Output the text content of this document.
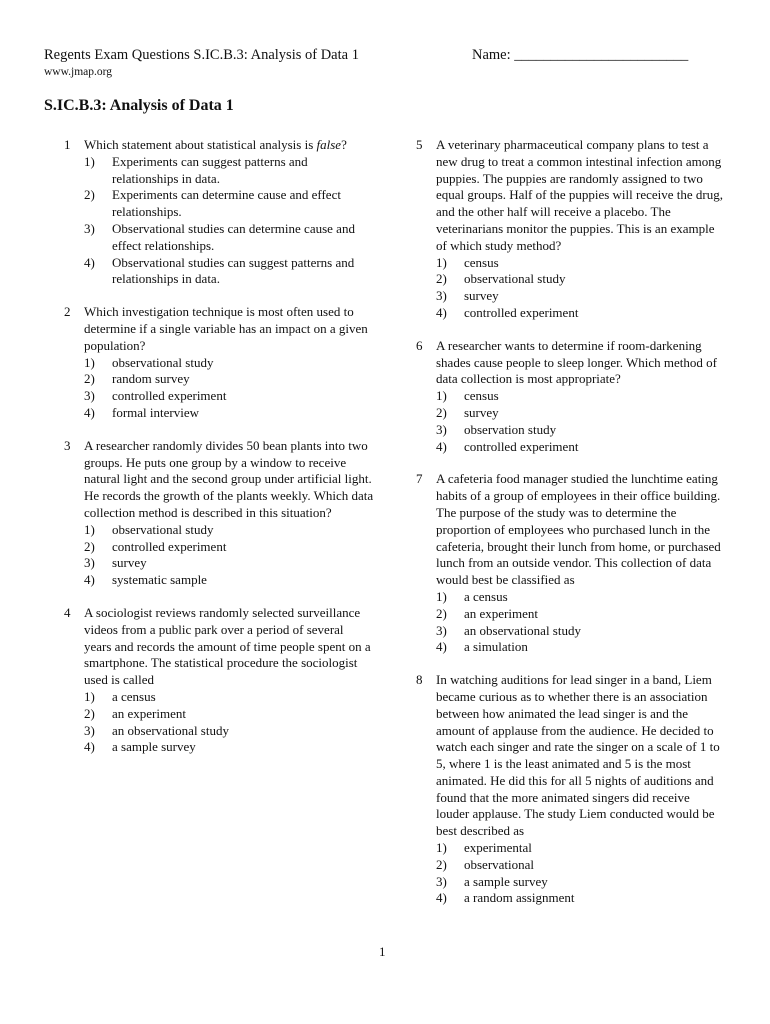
Regents Exam Questions S.IC.B.3: Analysis of Data 1
www.jmap.org
Name: ________________________
S.IC.B.3: Analysis of Data 1
1	Which statement about statistical analysis is false?

1)	Experiments can suggest patterns and relationships in data.
2)	Experiments can determine cause and effect relationships.
3)	Observational studies can determine cause and effect relationships.
4)	Observational studies can suggest patterns and relationships in data.
2	Which investigation technique is most often used to determine if a single variable has an impact on a given population?

1)	observational study
2)	random survey
3)	controlled experiment
4)	formal interview
3	A researcher randomly divides 50 bean plants into two groups. He puts one group by a window to receive natural light and the second group under artificial light. He records the growth of the plants weekly. Which data collection method is described in this situation?

1)	observational study
2)	controlled experiment
3)	survey
4)	systematic sample
4	A sociologist reviews randomly selected surveillance videos from a public park over a period of several years and records the amount of time people spent on a smartphone. The statistical procedure the sociologist used is called

1)	a census
2)	an experiment
3)	an observational study
4)	a sample survey
5	A veterinary pharmaceutical company plans to test a new drug to treat a common intestinal infection among puppies. The puppies are randomly assigned to two equal groups. Half of the puppies will receive the drug, and the other half will receive a placebo. The veterinarians monitor the puppies. This is an example of which study method?

1)	census
2)	observational study
3)	survey
4)	controlled experiment
6	A researcher wants to determine if room-darkening shades cause people to sleep longer. Which method of data collection is most appropriate?

1)	census
2)	survey
3)	observation study
4)	controlled experiment
7	A cafeteria food manager studied the lunchtime eating habits of a group of employees in their office building. The purpose of the study was to determine the proportion of employees who purchased lunch in the cafeteria, brought their lunch from home, or purchased lunch from an outside vendor. This collection of data would best be classified as

1)	a census
2)	an experiment
3)	an observational study
4)	a simulation
8	In watching auditions for lead singer in a band, Liem became curious as to whether there is an association between how animated the lead singer is and the amount of applause from the audience. He decided to watch each singer and rate the singer on a scale of 1 to 5, where 1 is the least animated and 5 is the most animated. He did this for all 5 nights of auditions and found that the more animated singers did receive louder applause. The study Liem conducted would be best described as

1)	experimental
2)	observational
3)	a sample survey
4)	a random assignment
1
